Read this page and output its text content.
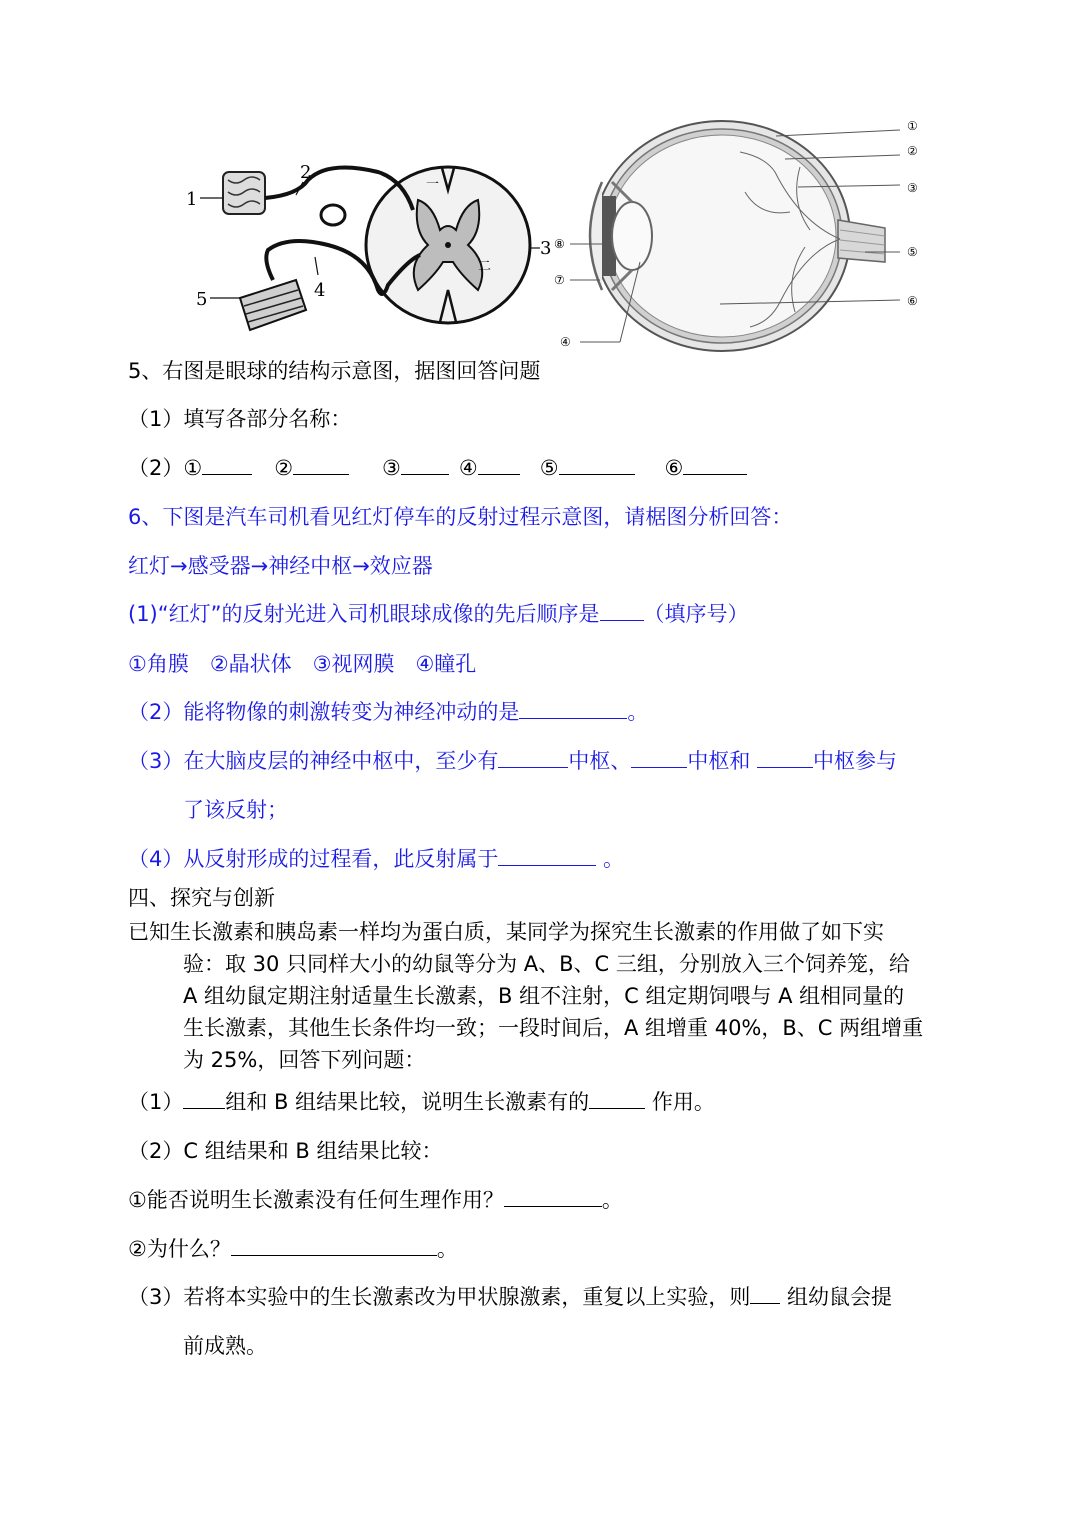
1
2
3
4
5
一
二
①
②
③
④
⑤
⑥
⑦
⑧
5、右图是眼球的结构示意图，据图回答问题
（1）填写各部分名称：
（2）①	②	③	④	⑤	⑥
6、下图是汽车司机看见红灯停车的反射过程示意图，请椐图分析回答：
红灯→感受器→神经中枢→效应器
(1)“红灯”的反射光进入司机眼球成像的先后顺序是 （填序号）
①角膜　②晶状体　③视网膜　④瞳孔
（2）能将物像的刺激转变为神经冲动的是	。
（3）在大脑皮层的神经中枢中，至少有	中枢、	中枢和	中枢参与
了该反射；
（4）从反射形成的过程看，此反射属于	。
四、探究与创新
已知生长激素和胰岛素一样均为蛋白质，某同学为探究生长激素的作用做了如下实
验：取 30 只同样大小的幼鼠等分为 A、B、C 三组，分别放入三个饲养笼，给
A 组幼鼠定期注射适量生长激素，B 组不注射，C 组定期饲喂与 A 组相同量的
生长激素，其他生长条件均一致；一段时间后，A 组增重 40%，B、C 两组增重
为 25%，回答下列问题：
（1） 组和 B 组结果比较，说明生长激素有的	作用。
（2）C 组结果和 B 组结果比较：
①能否说明生长激素没有任何生理作用？	。
②为什么？	。
（3）若将本实验中的生长激素改为甲状腺激素，重复以上实验，则 组幼鼠会提
前成熟。
